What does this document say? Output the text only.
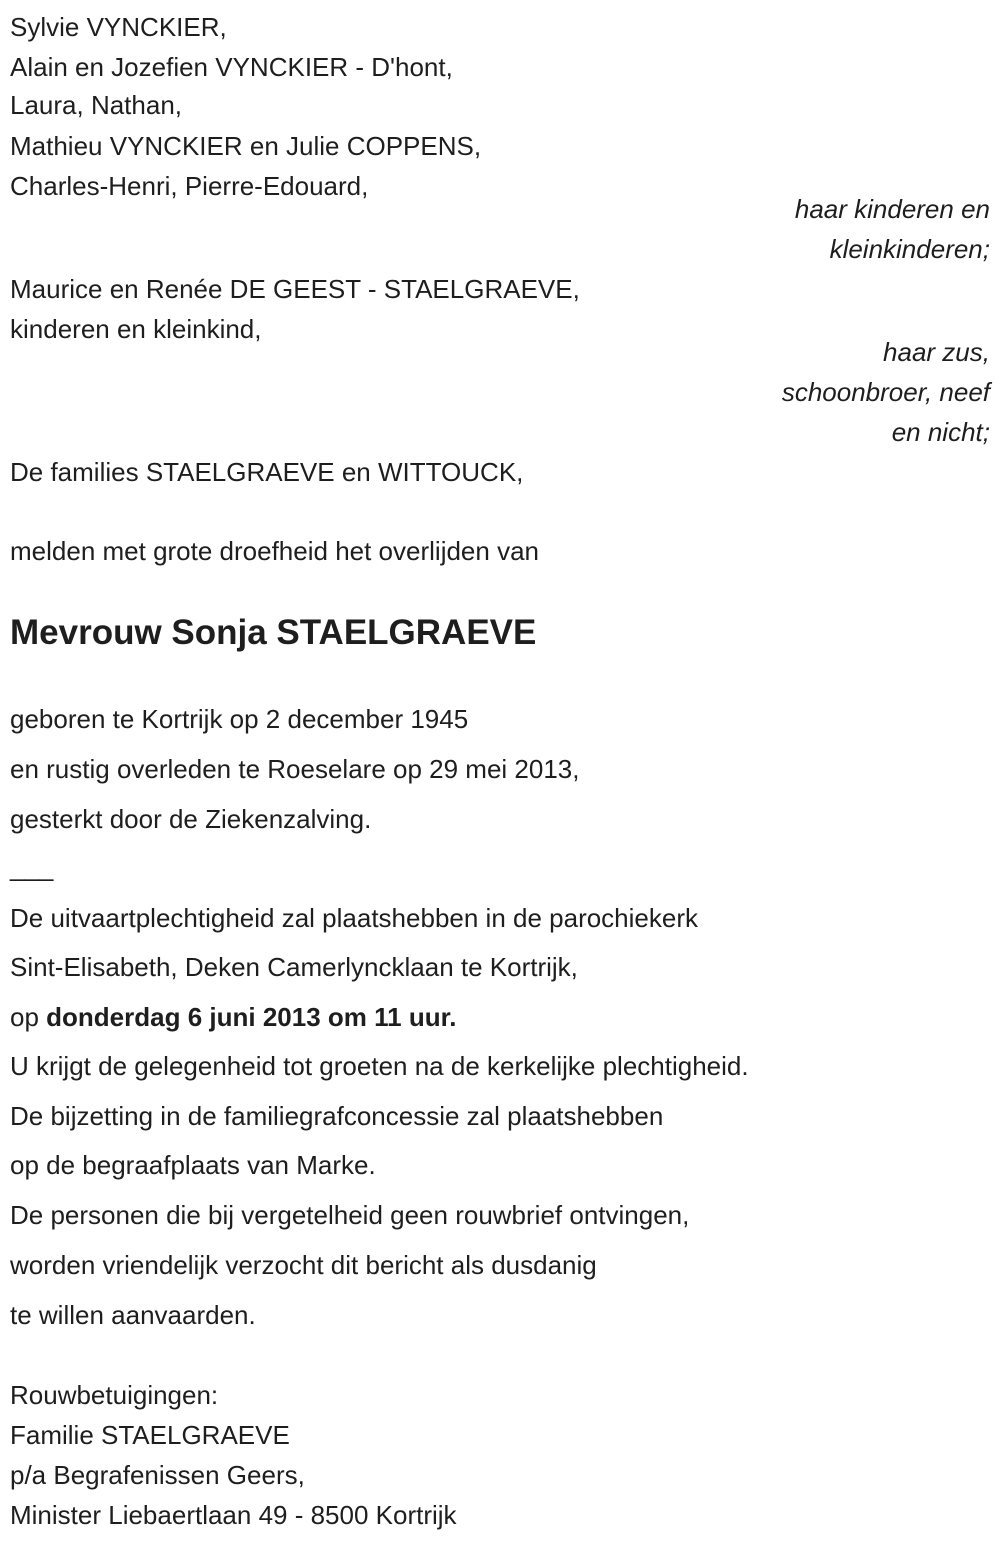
Sylvie VYNCKIER,
Alain en Jozefien VYNCKIER - D'hont,
Laura, Nathan,
Mathieu VYNCKIER en Julie COPPENS,
Charles-Henri, Pierre-Edouard,
haar kinderen en
kleinkinderen;
Maurice en Renée DE GEEST - STAELGRAEVE,
kinderen en kleinkind,
haar zus,
schoonbroer, neef
en nicht;
De families STAELGRAEVE en WITTOUCK,
melden met grote droefheid het overlijden van
Mevrouw Sonja STAELGRAEVE
geboren te Kortrijk op 2 december 1945
en rustig overleden te Roeselare op 29 mei 2013,
gesterkt door de Ziekenzalving.
___
De uitvaartplechtigheid zal plaatshebben in de parochiekerk
Sint-Elisabeth, Deken Camerlyncklaan te Kortrijk,
op donderdag 6 juni 2013 om 11 uur.
U krijgt de gelegenheid tot groeten na de kerkelijke plechtigheid.
De bijzetting in de familiegrafconcessie zal plaatshebben
op de begraafplaats van Marke.
De personen die bij vergetelheid geen rouwbrief ontvingen,
worden vriendelijk verzocht dit bericht als dusdanig
te willen aanvaarden.
Rouwbetuigingen:
Familie STAELGRAEVE
p/a Begrafenissen Geers,
Minister Liebaertlaan 49 - 8500 Kortrijk
